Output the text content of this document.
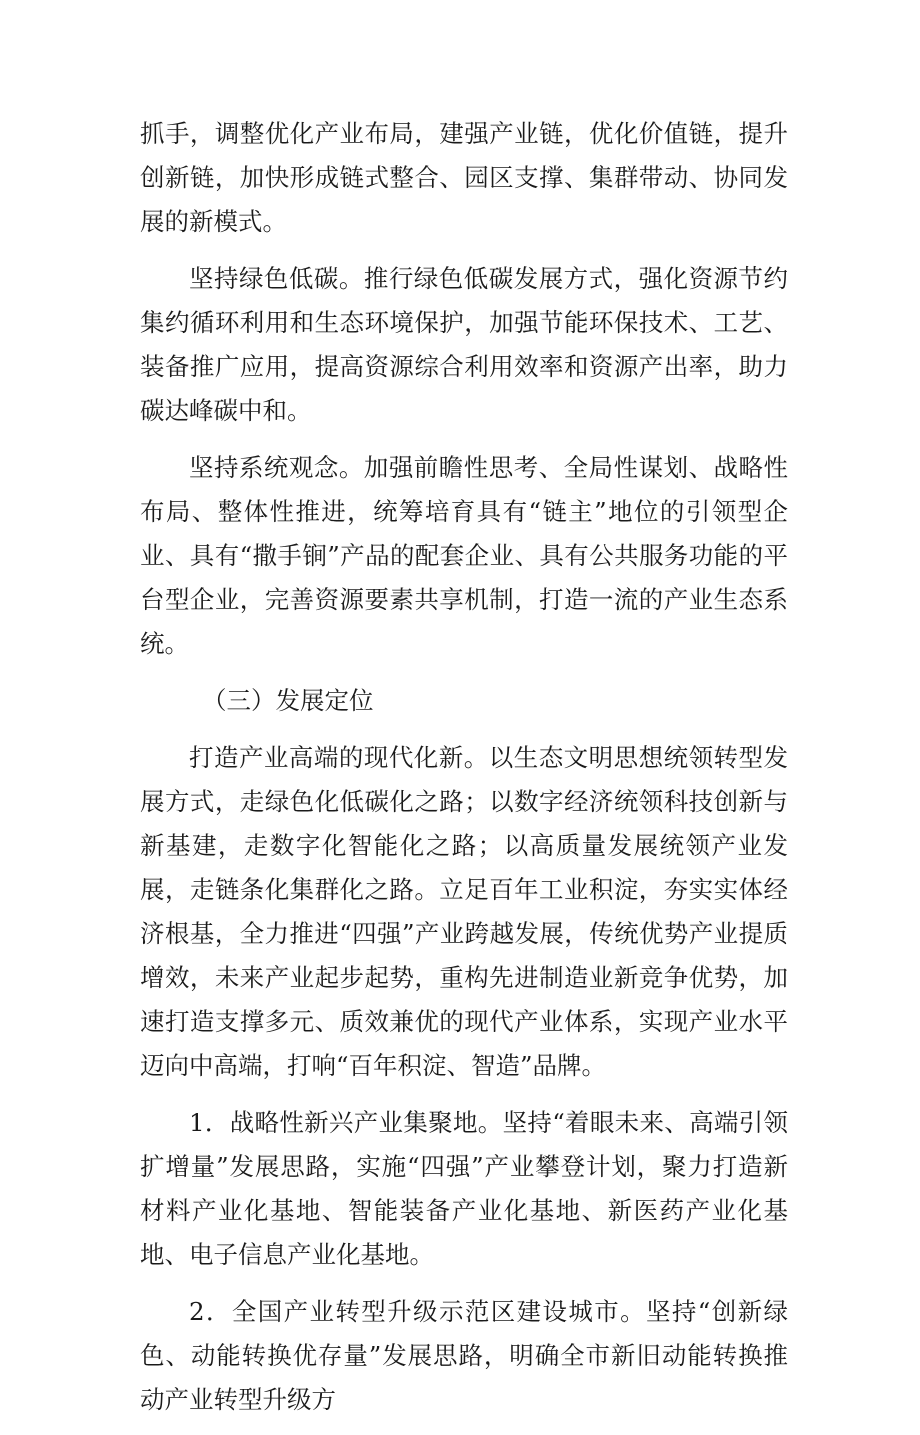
抓手，调整优化产业布局，建强产业链，优化价值链，提升创新链，加快形成链式整合、园区支撑、集群带动、协同发展的新模式。

坚持绿色低碳。推行绿色低碳发展方式，强化资源节约集约循环利用和生态环境保护，加强节能环保技术、工艺、装备推广应用，提高资源综合利用效率和资源产出率，助力碳达峰碳中和。

坚持系统观念。加强前瞻性思考、全局性谋划、战略性布局、整体性推进，统筹培育具有“链主”地位的引领型企业、具有“撒手锏”产品的配套企业、具有公共服务功能的平台型企业，完善资源要素共享机制，打造一流的产业生态系统。

（三）发展定位

打造产业高端的现代化新。以生态文明思想统领转型发展方式，走绿色化低碳化之路；以数字经济统领科技创新与新基建，走数字化智能化之路；以高质量发展统领产业发展，走链条化集群化之路。立足百年工业积淀，夯实实体经济根基，全力推进“四强”产业跨越发展，传统优势产业提质增效，未来产业起步起势，重构先进制造业新竞争优势，加速打造支撑多元、质效兼优的现代产业体系，实现产业水平迈向中高端，打响“百年积淀、智造”品牌。

1．战略性新兴产业集聚地。坚持“着眼未来、高端引领扩增量”发展思路，实施“四强”产业攀登计划，聚力打造新材料产业化基地、智能装备产业化基地、新医药产业化基地、电子信息产业化基地。

2．全国产业转型升级示范区建设城市。坚持“创新绿色、动能转换优存量”发展思路，明确全市新旧动能转换推动产业转型升级方
